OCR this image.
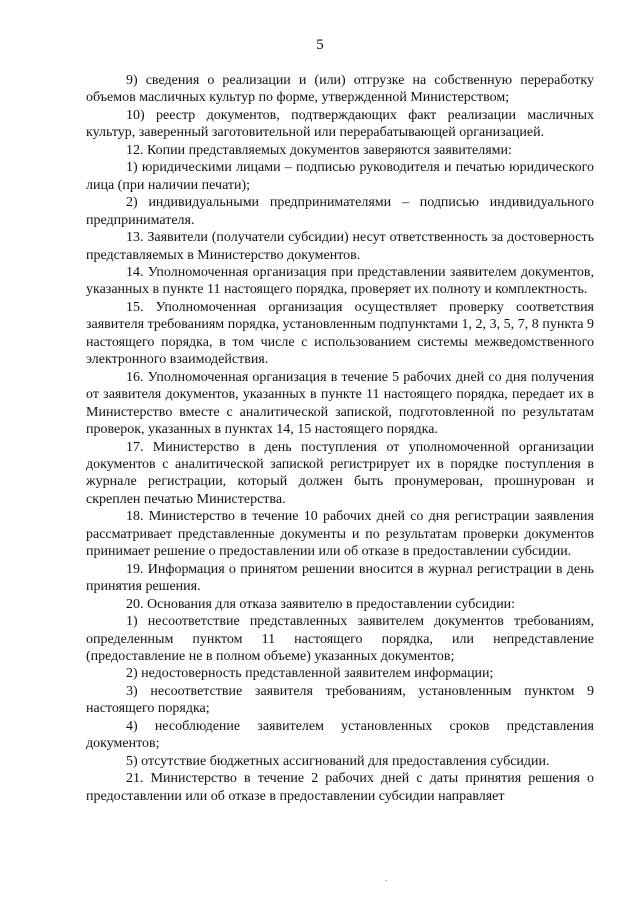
5

9) сведения о реализации и (или) отгрузке на собственную переработку объемов масличных культур по форме, утвержденной Министерством;

10) реестр документов, подтверждающих факт реализации масличных культур, заверенный заготовительной или перерабатывающей организацией.

12. Копии представляемых документов заверяются заявителями:

1) юридическими лицами – подписью руководителя и печатью юридического лица (при наличии печати);

2) индивидуальными предпринимателями – подписью индивидуального предпринимателя.

13. Заявители (получатели субсидии) несут ответственность за достоверность представляемых в Министерство документов.

14. Уполномоченная организация при представлении заявителем документов, указанных в пункте 11 настоящего порядка, проверяет их полноту и комплектность.

15. Уполномоченная организация осуществляет проверку соответствия заявителя требованиям порядка, установленным подпунктами 1, 2, 3, 5, 7, 8 пункта 9 настоящего порядка, в том числе с использованием системы межведомственного электронного взаимодействия.

16. Уполномоченная организация в течение 5 рабочих дней со дня получения от заявителя документов, указанных в пункте 11 настоящего порядка, передает их в Министерство вместе с аналитической запиской, подготовленной по результатам проверок, указанных в пунктах 14, 15 настоящего порядка.

17. Министерство в день поступления от уполномоченной организации документов с аналитической запиской регистрирует их в порядке поступления в журнале регистрации, который должен быть пронумерован, прошнурован и скреплен печатью Министерства.

18. Министерство в течение 10 рабочих дней со дня регистрации заявления рассматривает представленные документы и по результатам проверки документов принимает решение о предоставлении или об отказе в предоставлении субсидии.

19. Информация о принятом решении вносится в журнал регистрации в день принятия решения.

20. Основания для отказа заявителю в предоставлении субсидии:

1) несоответствие представленных заявителем документов требованиям, определенным пунктом 11 настоящего порядка, или непредставление (предоставление не в полном объеме) указанных документов;

2) недостоверность представленной заявителем информации;

3) несоответствие заявителя требованиям, установленным пунктом 9 настоящего порядка;

4) несоблюдение заявителем установленных сроков представления документов;

5) отсутствие бюджетных ассигнований для предоставления субсидии.

21. Министерство в течение 2 рабочих дней с даты принятия решения о предоставлении или об отказе в предоставлении субсидии направляет
